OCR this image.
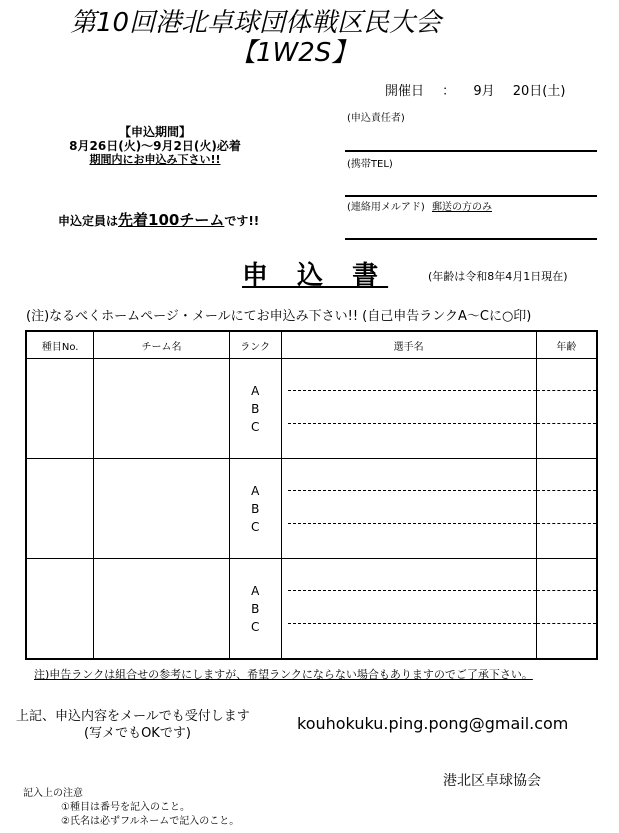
第10回港北卓球団体戦区民大会
【1W2S】
開催日 ： 9月 20日(土)
(申込責任者)
(携帯TEL)
(連絡用メルアド) 郵送の方のみ
【申込期間】
8月26日(火)～9月2日(火)必着
期間内にお申込み下さい!!
申込定員は先着100チームです!!
申 込 書	(年齢は令和8年4月1日現在)
(注)なるべくホームページ・メールにてお申込み下さい!! (自己申告ランクA～Cに○印)
種目No.	チーム名	ランク	選手名	年齢

		A
B
C		

		A
B
C		

		A
B
C		

注)申告ランクは組合せの参考にしますが、希望ランクにならない場合もありますのでご了承下さい。
上記、申込内容をメールでも受付します
(写メでもOKです)
kouhokuku.ping.pong@gmail.com
港北区卓球協会
記入上の注意
①種目は番号を記入のこと。
②氏名は必ずフルネームで記入のこと。
